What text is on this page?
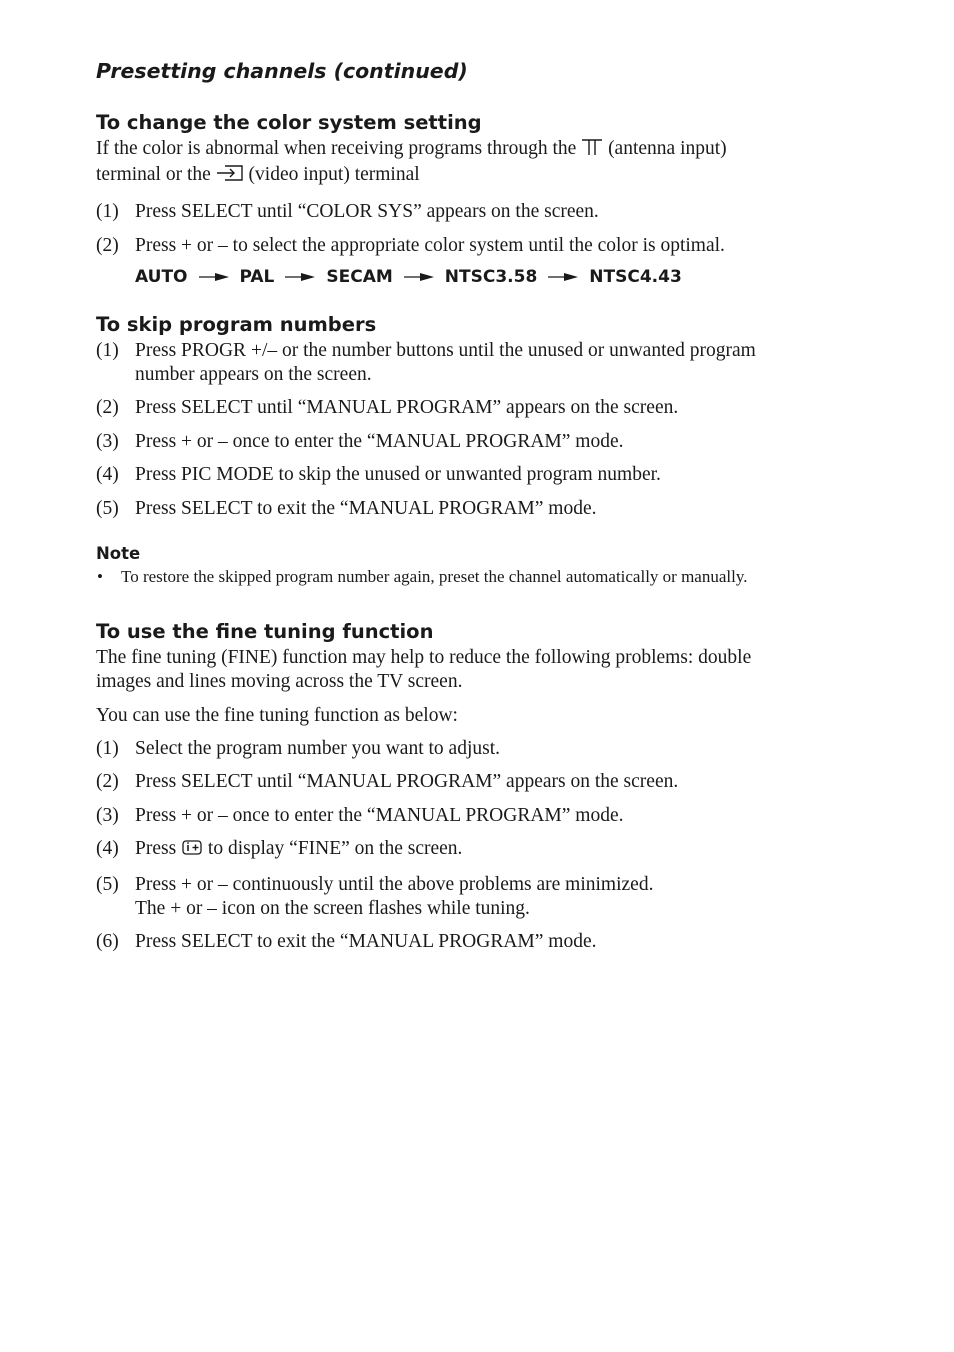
Presetting channels (continued)
To change the color system setting
If the color is abnormal when receiving programs through the  (antenna input)
terminal or the  (video input) terminal
(1) Press SELECT until “COLOR SYS” appears on the screen.
(2) Press + or – to select the appropriate color system until the color is optimal.
AUTO	PAL	SECAM	NTSC3.58	NTSC4.43
To skip program numbers
(1) Press PROGR +/– or the number buttons until the unused or unwanted program
number appears on the screen.
(2) Press SELECT until “MANUAL PROGRAM” appears on the screen.
(3) Press + or – once to enter the “MANUAL PROGRAM” mode.
(4) Press PIC MODE to skip the unused or unwanted program number.
(5) Press SELECT to exit the “MANUAL PROGRAM” mode.

Note

• To restore the skipped program number again, preset the channel automatically or manually.
To use the fine tuning function

The fine tuning (FINE) function may help to reduce the following problems: double
images and lines moving across the TV screen.

You can use the fine tuning function as below:

(1) Select the program number you want to adjust.
(2) Press SELECT until “MANUAL PROGRAM” appears on the screen.
(3) Press + or – once to enter the “MANUAL PROGRAM” mode.
(4) Press  to display “FINE” on the screen.
(5) Press + or – continuously until the above problems are minimized.
The + or – icon on the screen flashes while tuning.
(6) Press SELECT to exit the “MANUAL PROGRAM” mode.
